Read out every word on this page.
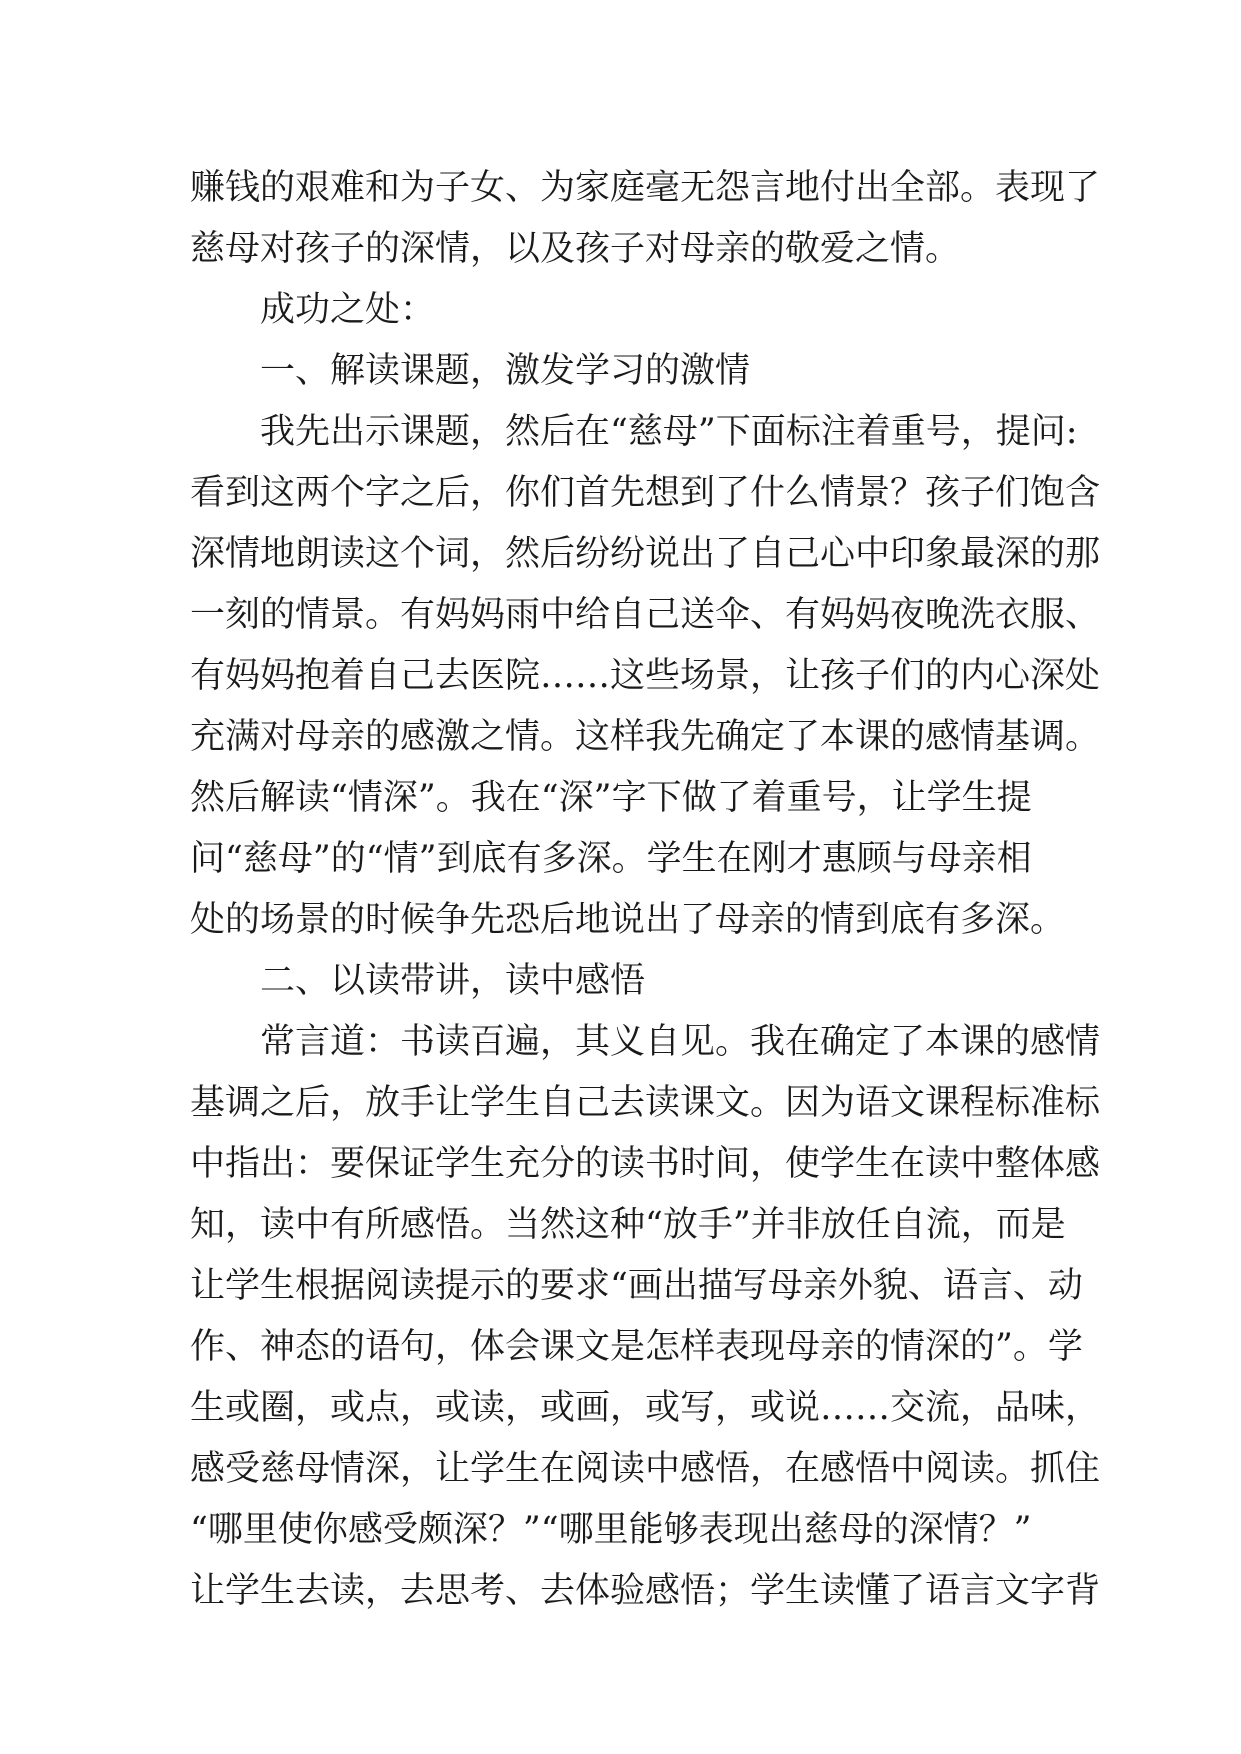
赚钱的艰难和为子女、为家庭毫无怨言地付出全部。表现了
慈母对孩子的深情，以及孩子对母亲的敬爱之情。
成功之处：
一、解读课题，激发学习的激情
我先出示课题，然后在“慈母”下面标注着重号，提问:
看到这两个字之后，你们首先想到了什么情景？孩子们饱含
深情地朗读这个词，然后纷纷说出了自己心中印象最深的那
一刻的情景。有妈妈雨中给自己送伞、有妈妈夜晚洗衣服、
有妈妈抱着自己去医院……这些场景，让孩子们的内心深处
充满对母亲的感激之情。这样我先确定了本课的感情基调。
然后解读“情深”。我在“深”字下做了着重号，让学生提
问“慈母”的“情”到底有多深。学生在刚才惠顾与母亲相
处的场景的时候争先恐后地说出了母亲的情到底有多深。
二、以读带讲，读中感悟
常言道：书读百遍，其义自见。我在确定了本课的感情
基调之后，放手让学生自己去读课文。因为语文课程标准标
中指出：要保证学生充分的读书时间，使学生在读中整体感
知，读中有所感悟。当然这种“放手”并非放任自流，而是
让学生根据阅读提示的要求“画出描写母亲外貌、语言、动
作、神态的语句，体会课文是怎样表现母亲的情深的”。学
生或圈，或点，或读，或画，或写，或说……交流，品味，
感受慈母情深，让学生在阅读中感悟，在感悟中阅读。抓住
“哪里使你感受颇深？”“哪里能够表现出慈母的深情？”
让学生去读，去思考、去体验感悟；学生读懂了语言文字背
